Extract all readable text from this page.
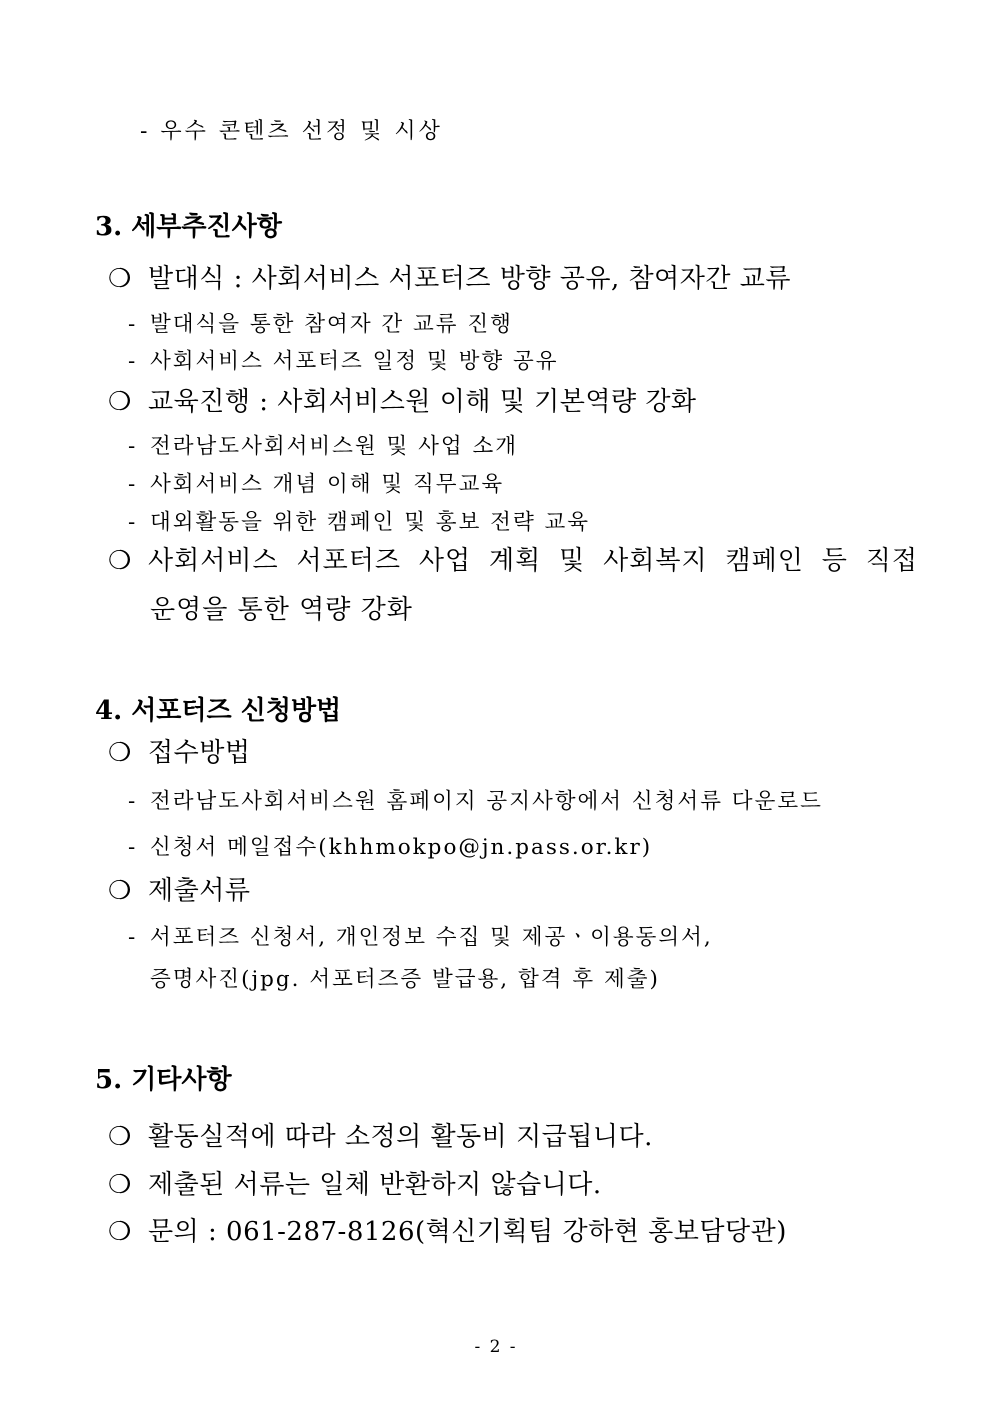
- 우수 콘텐츠 선정 및 시상
3. 세부추진사항
❍ 발대식 : 사회서비스 서포터즈 방향 공유, 참여자간 교류
- 발대식을 통한 참여자 간 교류 진행
- 사회서비스 서포터즈 일정 및 방향 공유
❍ 교육진행 : 사회서비스원 이해 및 기본역량 강화
- 전라남도사회서비스원 및 사업 소개
- 사회서비스 개념 이해 및 직무교육
- 대외활동을 위한 캠페인 및 홍보 전략 교육
❍ 사회서비스 서포터즈 사업 계획 및 사회복지 캠페인 등 직접
운영을 통한 역량 강화
4. 서포터즈 신청방법
❍ 접수방법
- 전라남도사회서비스원 홈페이지 공지사항에서 신청서류 다운로드
- 신청서 메일접수(khhmokpo@jn.pass.or.kr)
❍ 제출서류
- 서포터즈 신청서, 개인정보 수집 및 제공ㆍ이용동의서,
증명사진(jpg. 서포터즈증 발급용, 합격 후 제출)
5. 기타사항
❍ 활동실적에 따라 소정의 활동비 지급됩니다.
❍ 제출된 서류는 일체 반환하지 않습니다.
❍ 문의 : 061-287-8126(혁신기획팀 강하현 홍보담당관)
- 2 -
